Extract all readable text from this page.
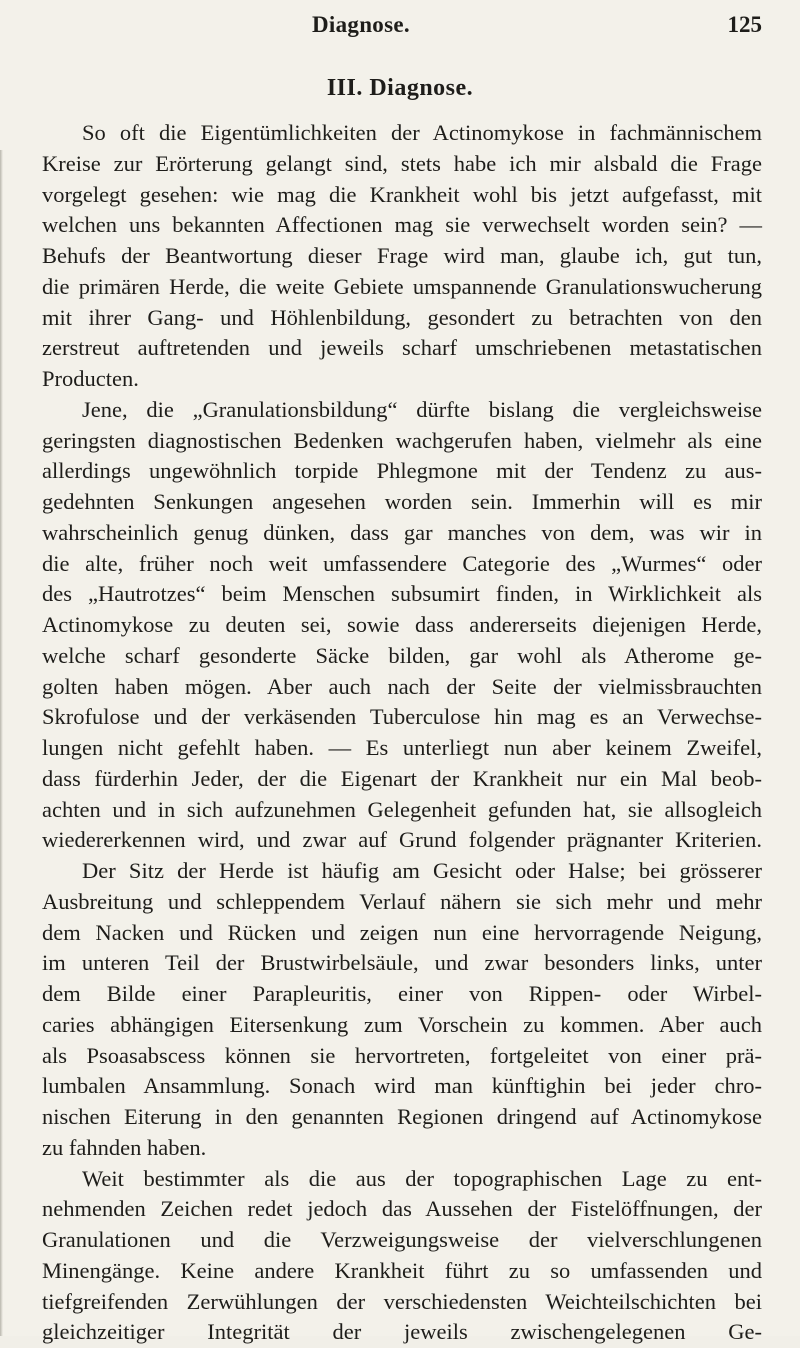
Diagnose.	125
III. Diagnose.
So oft die Eigentümlichkeiten der Actinomykose in fachmännischem
Kreise zur Erörterung gelangt sind, stets habe ich mir alsbald die Frage
vorgelegt gesehen: wie mag die Krankheit wohl bis jetzt aufgefasst, mit
welchen uns bekannten Affectionen mag sie verwechselt worden sein? —
Behufs der Beantwortung dieser Frage wird man, glaube ich, gut tun,
die primären Herde, die weite Gebiete umspannende Granulationswucherung
mit ihrer Gang- und Höhlenbildung, gesondert zu betrachten von den
zerstreut auftretenden und jeweils scharf umschriebenen metastatischen
Producten.
Jene, die „Granulationsbildung“ dürfte bislang die vergleichsweise
geringsten diagnostischen Bedenken wachgerufen haben, vielmehr als eine
allerdings ungewöhnlich torpide Phlegmone mit der Tendenz zu aus-
gedehnten Senkungen angesehen worden sein. Immerhin will es mir
wahrscheinlich genug dünken, dass gar manches von dem, was wir in
die alte, früher noch weit umfassendere Categorie des „Wurmes“ oder
des „Hautrotzes“ beim Menschen subsumirt finden, in Wirklichkeit als
Actinomykose zu deuten sei, sowie dass andererseits diejenigen Herde,
welche scharf gesonderte Säcke bilden, gar wohl als Atherome ge-
golten haben mögen. Aber auch nach der Seite der vielmissbrauchten
Skrofulose und der verkäsenden Tuberculose hin mag es an Verwechse-
lungen nicht gefehlt haben. — Es unterliegt nun aber keinem Zweifel,
dass fürderhin Jeder, der die Eigenart der Krankheit nur ein Mal beob-
achten und in sich aufzunehmen Gelegenheit gefunden hat, sie allsogleich
wiedererkennen wird, und zwar auf Grund folgender prägnanter Kriterien.
Der Sitz der Herde ist häufig am Gesicht oder Halse; bei grösserer
Ausbreitung und schleppendem Verlauf nähern sie sich mehr und mehr
dem Nacken und Rücken und zeigen nun eine hervorragende Neigung,
im unteren Teil der Brustwirbelsäule, und zwar besonders links, unter
dem Bilde einer Parapleuritis, einer von Rippen- oder Wirbel-
caries abhängigen Eitersenkung zum Vorschein zu kommen. Aber auch
als Psoasabscess können sie hervortreten, fortgeleitet von einer prä-
lumbalen Ansammlung. Sonach wird man künftighin bei jeder chro-
nischen Eiterung in den genannten Regionen dringend auf Actinomykose
zu fahnden haben.
Weit bestimmter als die aus der topographischen Lage zu ent-
nehmenden Zeichen redet jedoch das Aussehen der Fistelöffnungen, der
Granulationen und die Verzweigungsweise der vielverschlungenen
Minengänge. Keine andere Krankheit führt zu so umfassenden und
tiefgreifenden Zerwühlungen der verschiedensten Weichteilschichten bei
gleichzeitiger Integrität der jeweils zwischengelegenen Ge-
